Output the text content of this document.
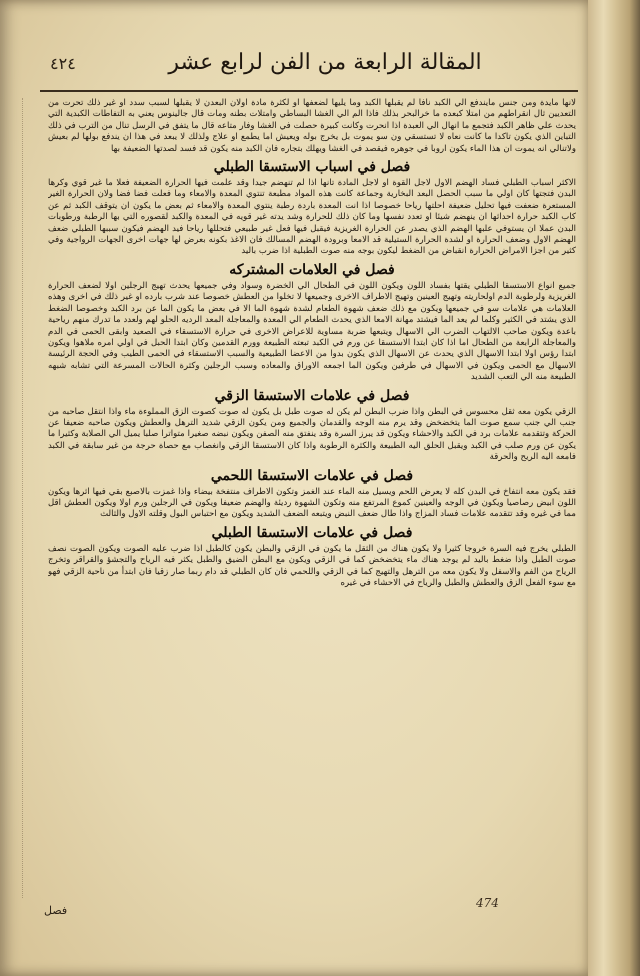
٤٢٤	المقالة الرابعة من الفن لرابع عشر

لانها مايدة ومن جنس مايندفع الي الكبد نافا لم يقبلها الكبد وما يليها لضعفها او لكثرة مادة اولان البعدن لا يقبلها لسبب سدد او غير ذلك تحرت من التعديين ثال انقراطهم من امتلا كبعده ما خرالبحر بذلك فاذا الم الي الغشا البساطي وامتلات بطنه ومات قال جالينوس يعني به التفاطات الكبدية التي يحدث علي ظاهر الكبد فتجمع ما انهال الي العبدة اذا انحرت وكانت كبيرة حصلت في الغشا وفار متاعه قال ما يتفق في الرسل تنال من الترب في ذلك التباين الذي يكون تاكدا ما كانت نعاه لا تستسقي ون سو يموت بل يخرج بوله ويعيش اما يطمع او علاج ولذلك لا يبعد في هذا ان يندفع بولها لم بعيش ولاتنالي انه يموت ان هذا الماء يكون اروبا في جوهره فيقصد في الغشا ويهلك بتجاره فان الكبد منه يكون قد فسد لصدتها الضعيفة بها

فصل في اسباب الاستسقا الطبلي

الاكثر اسباب الطبلي فساد الهضم الاول لاجل القوة او لاجل المادة تانها اذا لم تنهضم جيدا وقد علمت فيها الحرارة الضعيفة فعلا ما غير قوي وكرها البدن فتجتها كان اولي ما سبب الحصل البعد البخارية وجماعة كانت هذه المواد مطبعة تنتوي المعدة والامعاء وما فعلت فضا فضا ولان الحرارة الغير المستعرة ضعفت فيها تحليل ضعيفة احلتها رياحا خصوصا اذا انت المعدة باردة رطبة ينتوي المعدة والامعاء ثم بعض ما يكون ان يتوقف الكبد ثم عن كاب الكبد حرارة احداثها ان ينهضم شيئا او تعدد نفسها وما كان ذلك للحرارة وشد يدته غير قويه في المعدة والكبد لقصوره التي بها الرطبة ورطوبات البدن عملا ان يستوفي علبها الهضم الذي يصدر عن الحرارة الغريزية فيقبل فيها فعل غير طبيعي فتحللها رياحا فيد الهضم فيكون سببها الطبلي ضعف الهضم الاول وضعف الحرارة او لشدة الحرارة الستيلية قد الامعا وبرودة الهضم المسالك فان الاغذ بكونه بعرض لها جهات اخرى الجهات الرواجية وفي كثير من اجزا الامراض الحرارة انقباض من الضغط ليكون بوجه منه صوت الطبلية اذا ضرب باليد

فصل في العلامات المشتركه

جميع انواع الاستسقا الطبلي يقتها بفساد اللون ويكون اللون في الطحال الي الخضرة وسواد وفي جميعها يحدث تهيج الرجلين اولا لضعف الحرارة الغريزية ولرطوبة الدم اولحاريته وتهيج العينين وتهيج الاطراف الاخرى وجميعها لا تخلوا من العطش خصوصا عند شرب بارده او غير ذلك في اخرى وهذه العلامات هي علامات سو في جميعها ويكون مع ذلك ضعف شهوة الطعام لشدة شهوة الما الا في بعض ما يكون الما عن برد الكبد وخصوصا الضغط الذي يشتد في الكثير وكلما لم يعد الما فيشتد مهانة الامعا الذي يحدث الطعام الي المعدة والمعاجلة المعد الرديه الحلو لهم ولعدد ما تدرك منهم رياحية باعدة ويكون صاحب الالتهاب الضرب الي الاسهال ويتبعها ضربة مساوية للاعراض الاخرى في حرارة الاستسقاء في الصعيد وابقى الحمى في الدم والمعاجلة الرابعة من الطحال اما اذا كان ابتدا الاستسقا عن ورم في الكبد تبعته الطبيعة وورم القدمين وكان ابتدا الحبل في اولي امره ملاهوا ويكون ابتدا رؤس اولا ابتدا الاسهال الذي يحدث عن الاسهال الذي يكون بدوا من الاعضا الطبيعية والسبب الاستسقاء في الحمى الطيب وفي الحجة الرئيسة الاسهال مع الحمى ويكون في الاسهال في طرفين ويكون الما اجمعه الاوراق والمعاده وسبب الرجلين وكثرة الحالات المسرعة التي تشابه شبهه الطبيعة منه الي التعب الشديد

فصل في علامات الاستسقا الزقي

الزقي يكون معه ثقل محسوس في البطن واذا ضرب البطن لم يكن له صوت طبل بل يكون له صوت كصوت الزق المملوءة ماء واذا انتقل صاحبه من جنب الي جنب سمع صوت الما يتخضخض وقد يرم منه الوجه والقدمان والجميع ومن يكون الزقي شديد الترهل والعطش ويكون صاحبه ضعيفا عن الحركة وتتقدمه علامات برد في الكبد والاحشاء ويكون قد يبرز السرة وقد ينفتق منه الصفن ويكون نبضه صغيرا متواترا صلبا يميل الي الصلابة وكثيرا ما يكون عن ورم صلب في الكبد ويقبل الحلق اليه الطبيعة والكثرة الرطوبة واذا كان الاستسقا الزقي وانغصاب مع حصاة حرجة من غير سابقة في الكبد فامعه اليه الريح والحرقة

فصل في علامات الاستسقا اللحمي

فقد يكون معه انتفاخ في البدن كله لا يعرض اللحم ويسيل منه الماء عند الغمز وتكون الاطراف منتفخة بيضاء واذا غمزت بالاصبع بقي فيها اثرها ويكون اللون ابيض رصاصيا ويكون في الوجه والعينين كموع المرتفع منه وتكون الشهوة رديئة والهضم ضعيفا ويكون في الرجلين ورم اولا ويكون العطش اقل مما في غيره وقد تتقدمه علامات فساد المزاج واذا طال ضعف النبض ويتبعه الضعف الشديد ويكون مع احتباس البول وقلته الاول والثالث

فصل في علامات الاستسقا الطبلي

الطبلي يخرج فيه السرة خروجا كثيرا ولا يكون هناك من الثقل ما يكون في الزقي والبطن يكون كالطبل اذا ضرب عليه الصوت ويكون الصوت نصف صوت الطبل واذا ضغط باليد لم يوجد هناك ماء يتخضخض كما في الزقي ويكون مع البطن الضيق والطبل يكثر فيه الرياح والتجشؤ والقراقر وتخرج الرياح من الفم والاسفل ولا يكون معه من الترهل والتهيج كما في الزقي واللحمي فان كان الطبلي قد دام ربما صار زقيا فان ابتدأ من ناحية الزقي فهو مع سوء الفعل الزق والعطش والطبل والرياح في الاحشاء في غيره

فصل
474
